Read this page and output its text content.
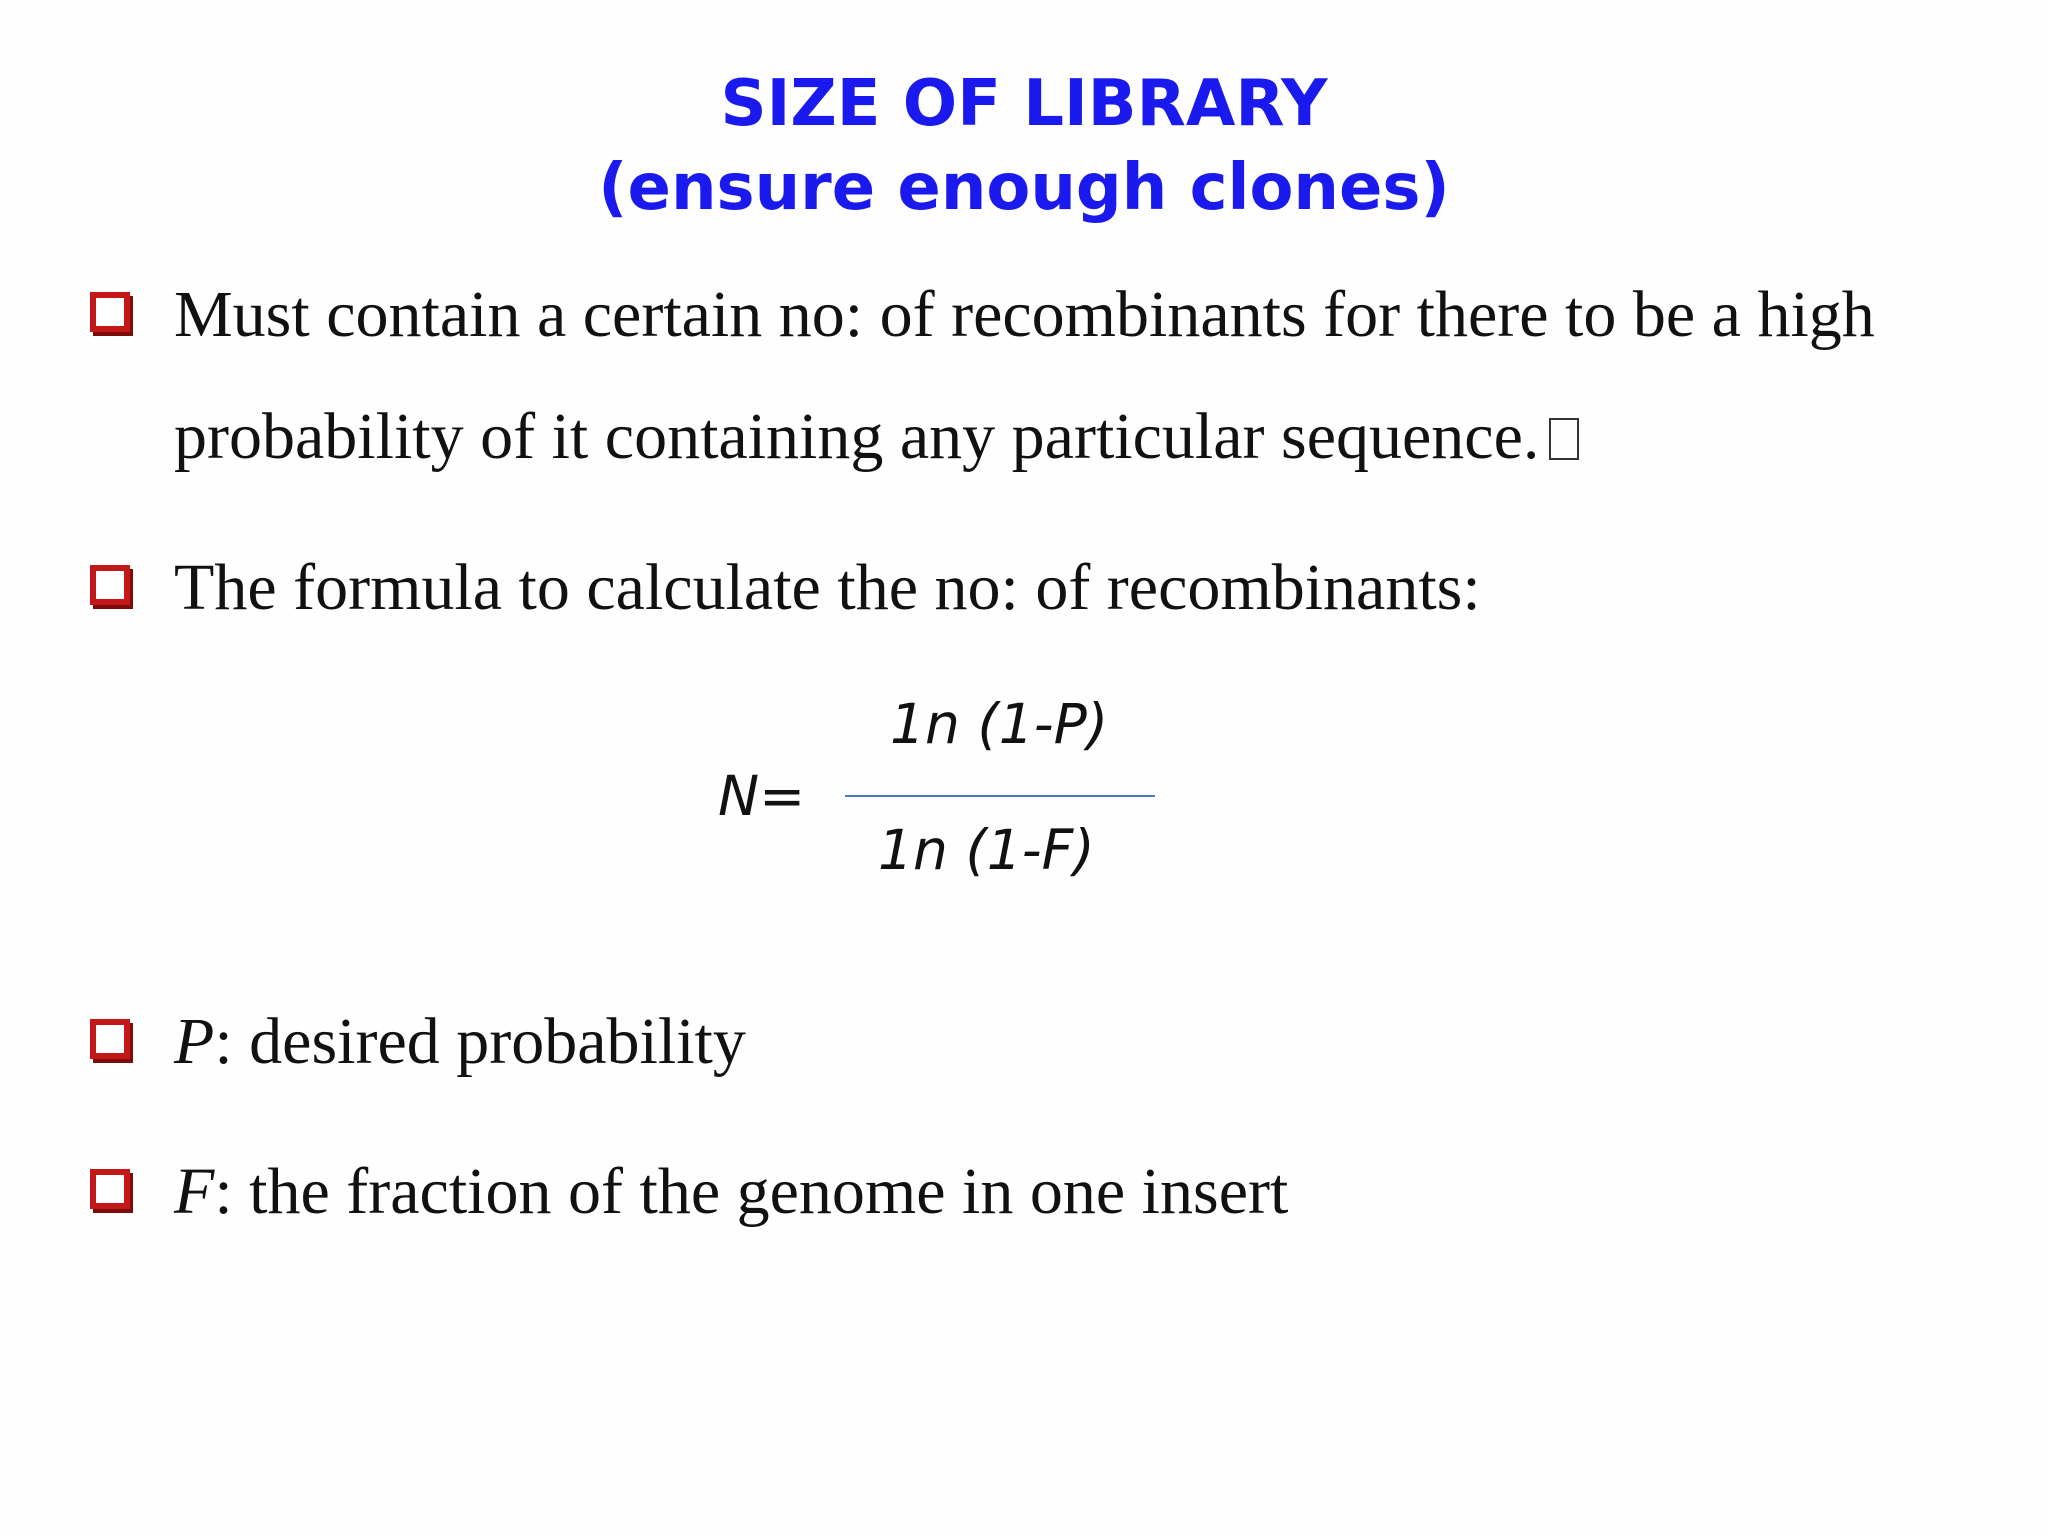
SIZE OF LIBRARY
(ensure enough clones)
Must contain a certain no: of recombinants for there to be a high
probability of it containing any particular sequence.
The formula to calculate the no: of recombinants:
N=
1n (1-P)
1n (1-F)
P: desired probability
F: the fraction of the genome in one insert
